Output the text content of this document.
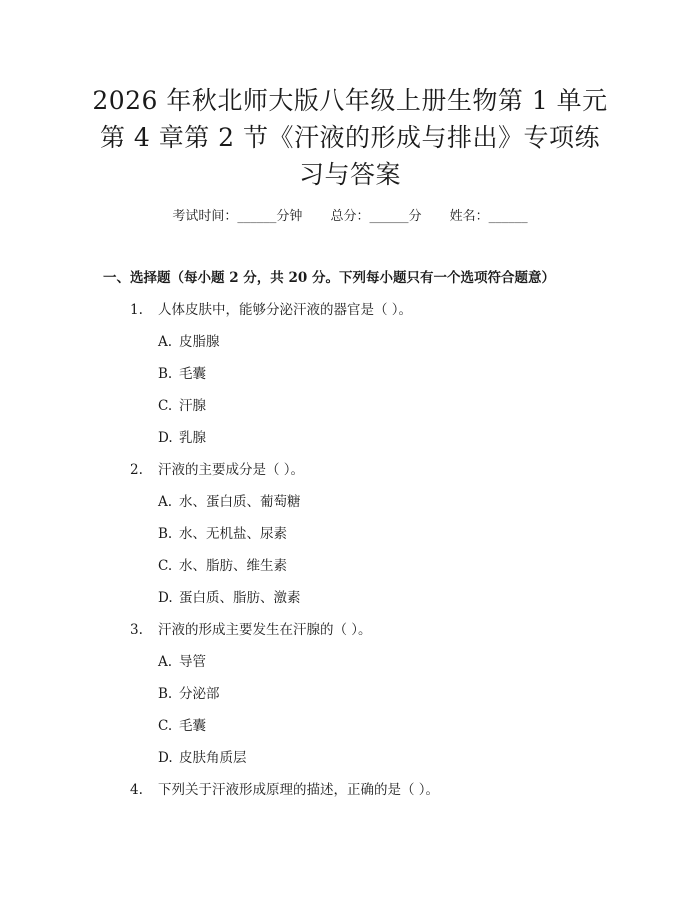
2026 年秋北师大版八年级上册生物第 1 单元
第 4 章第 2 节《汗液的形成与排出》专项练
习与答案
考试时间：______分钟 总分：______分 姓名：______
一、选择题（每小题 2 分，共 20 分。下列每小题只有一个选项符合题意）
1. 人体皮肤中，能够分泌汗液的器官是（ ）。
A. 皮脂腺
B. 毛囊
C. 汗腺
D. 乳腺
2. 汗液的主要成分是（ ）。
A. 水、蛋白质、葡萄糖
B. 水、无机盐、尿素
C. 水、脂肪、维生素
D. 蛋白质、脂肪、激素
3. 汗液的形成主要发生在汗腺的（ ）。
A. 导管
B. 分泌部
C. 毛囊
D. 皮肤角质层
4. 下列关于汗液形成原理的描述，正确的是（ ）。
